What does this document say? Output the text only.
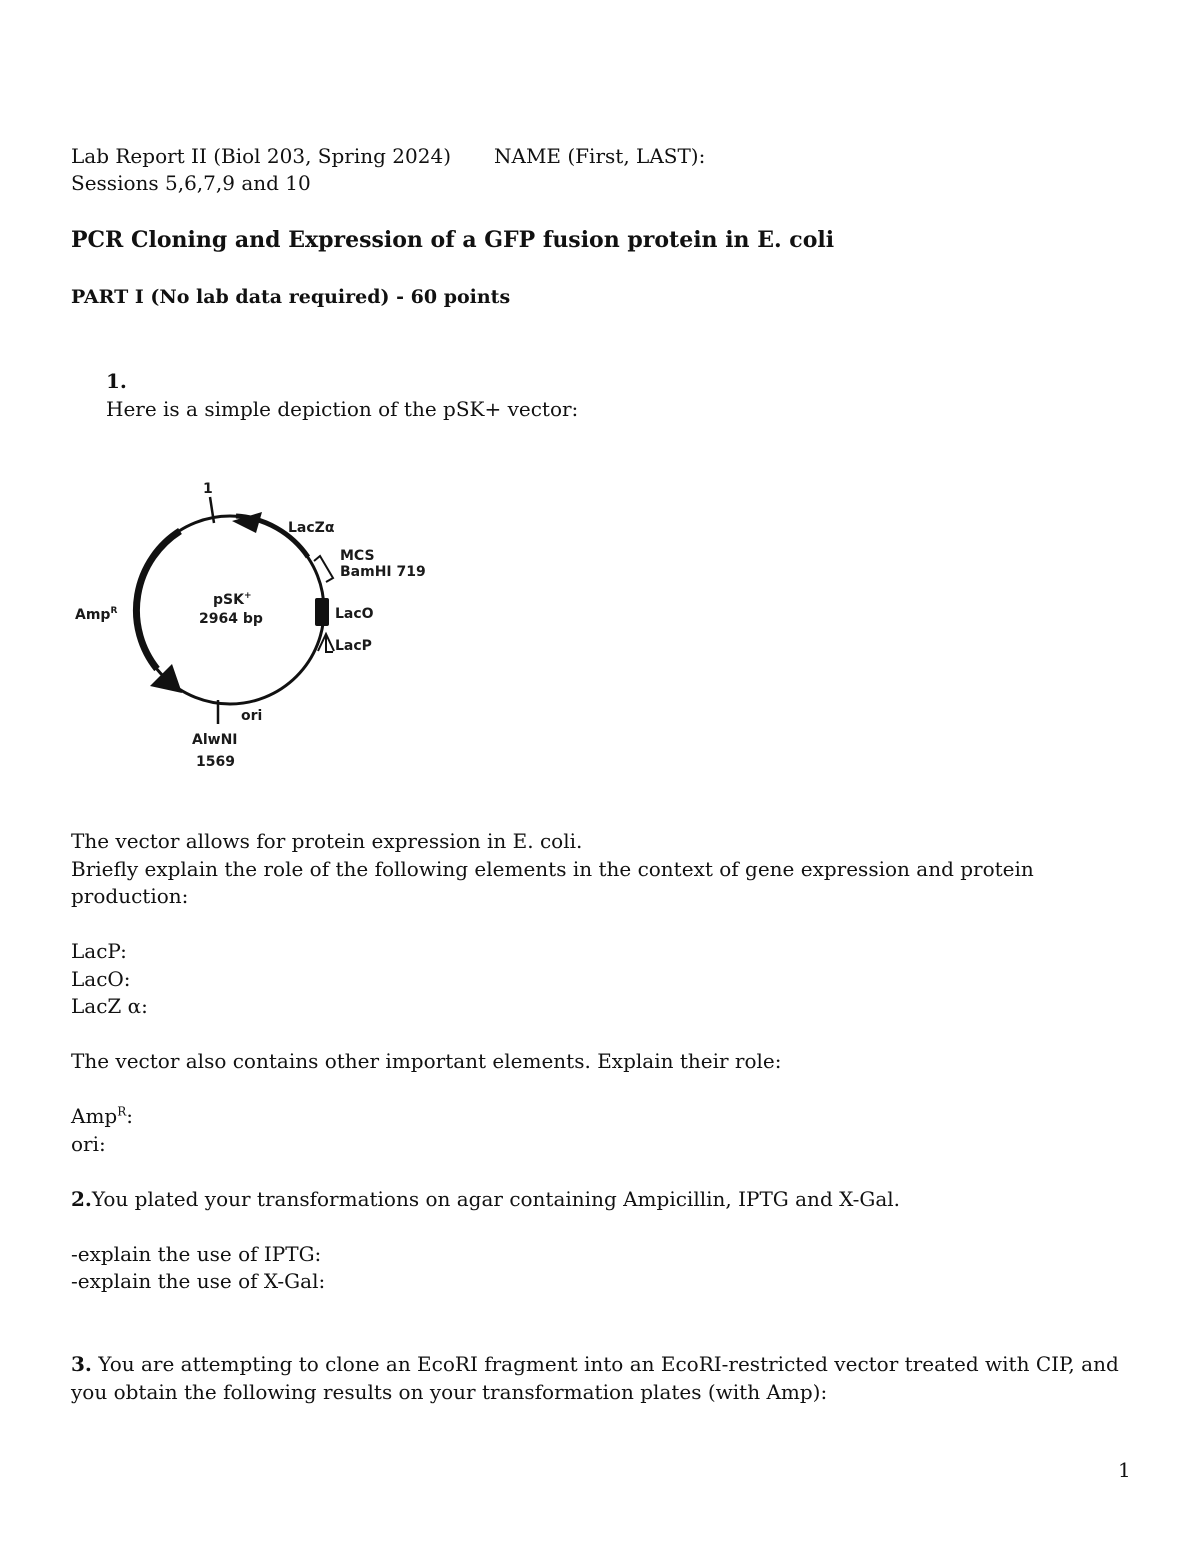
Lab Report II (Biol 203, Spring 2024) NAME (First, LAST):

Sessions 5,6,7,9 and 10

PCR Cloning and Expression of a GFP fusion protein in E. coli

PART I (No lab data required) - 60 points

1.

Here is a simple depiction of the pSK+ vector:

1
LacZα
MCS
BamHI 719
pSK+
2964 bp
Amp$^R$	LacO
LacP
ori
AlwNI
1569

The vector allows for protein expression in E. coli.

Briefly explain the role of the following elements in the context of gene expression and protein

production:

LacP:

LacO:

LacZ α:

The vector also contains other important elements. Explain their role:

Amp$^R$:

ori:

2.You plated your transformations on agar containing Ampicillin, IPTG and X-Gal.

-explain the use of IPTG:

-explain the use of X-Gal:

3. You are attempting to clone an EcoRI fragment into an EcoRI-restricted vector treated with CIP, and

you obtain the following results on your transformation plates (with Amp):

1
